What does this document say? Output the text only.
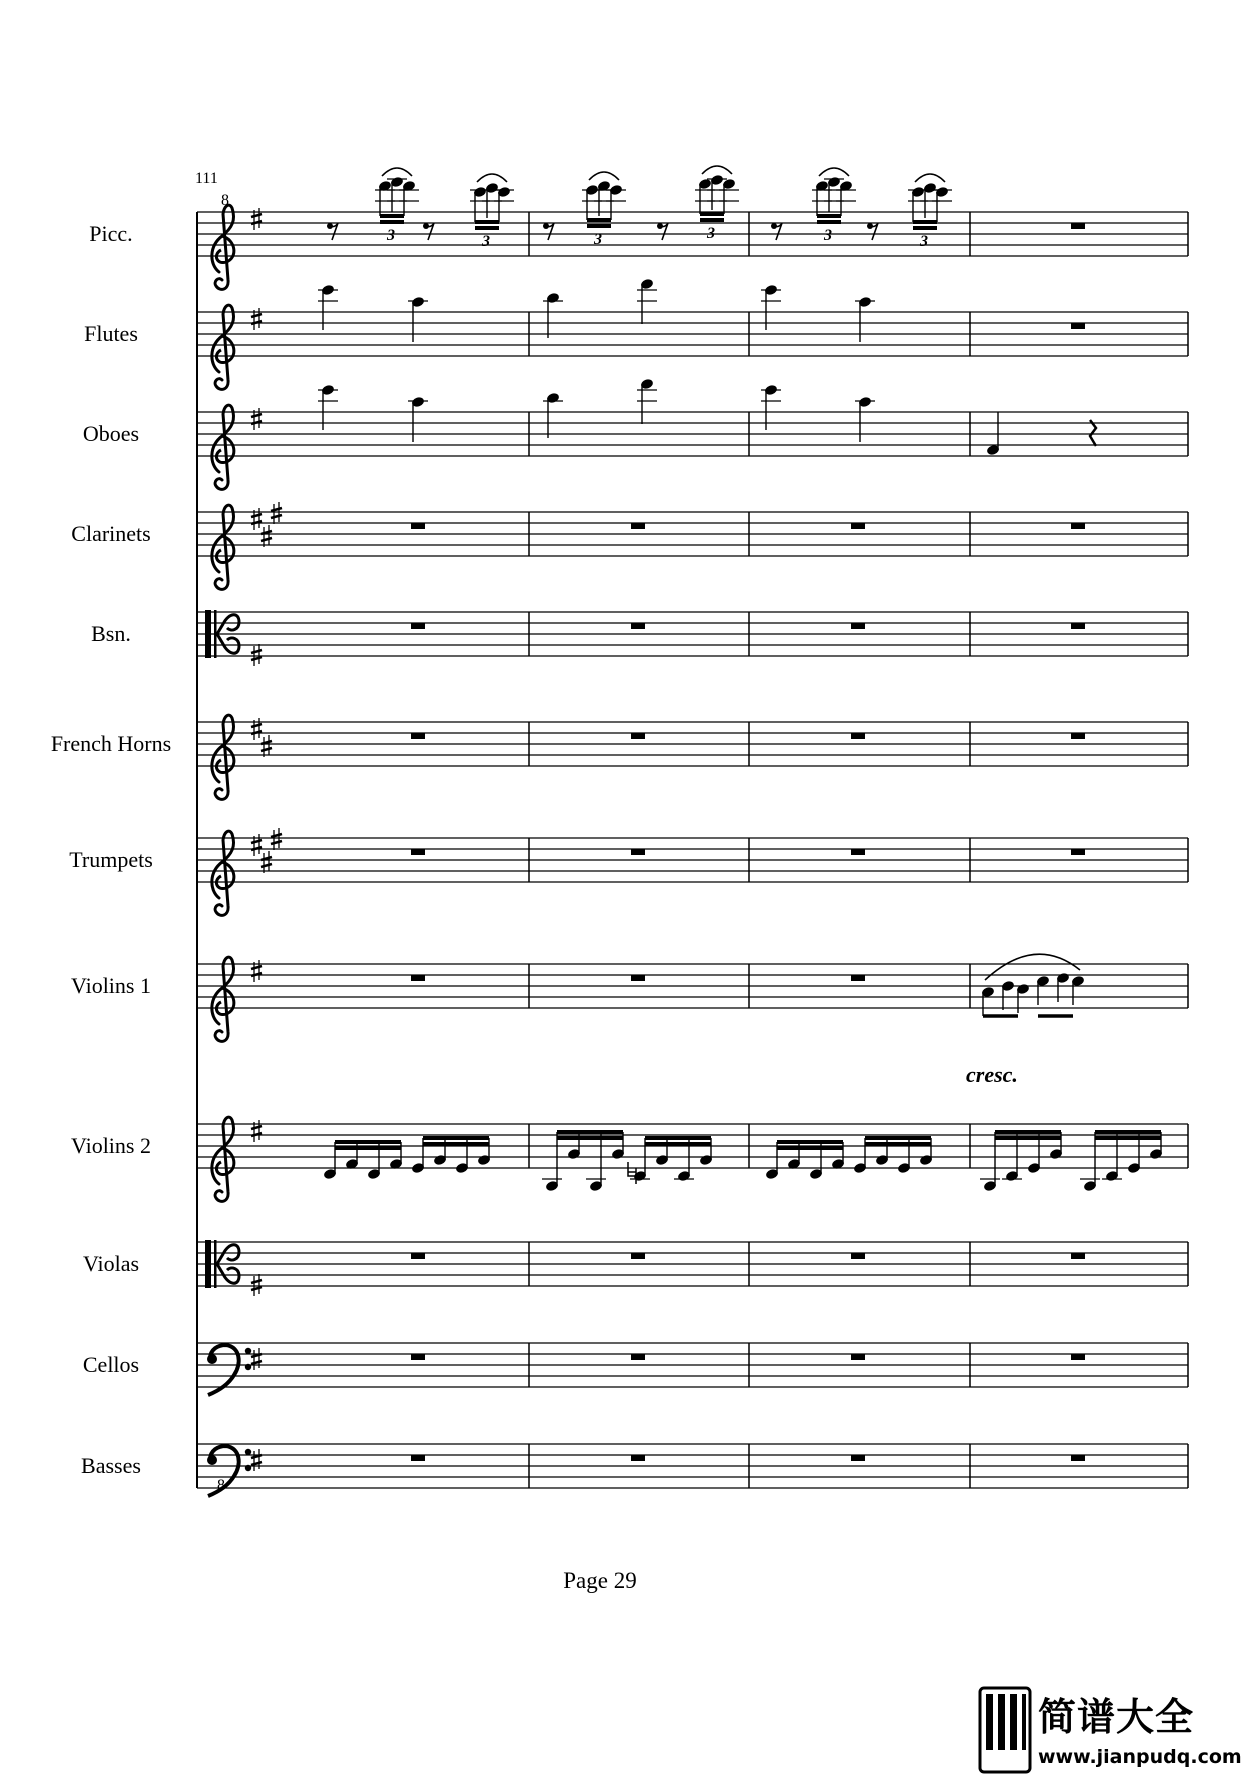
8
8
3	3	3	3	3	3
111
Picc.
Flutes
Oboes
Clarinets
Bsn.
French Horns
Trumpets
Violins 1
Violins 2
Violas
Cellos
Basses
cresc.
Page 29
简谱大全
www.jianpudq.com
